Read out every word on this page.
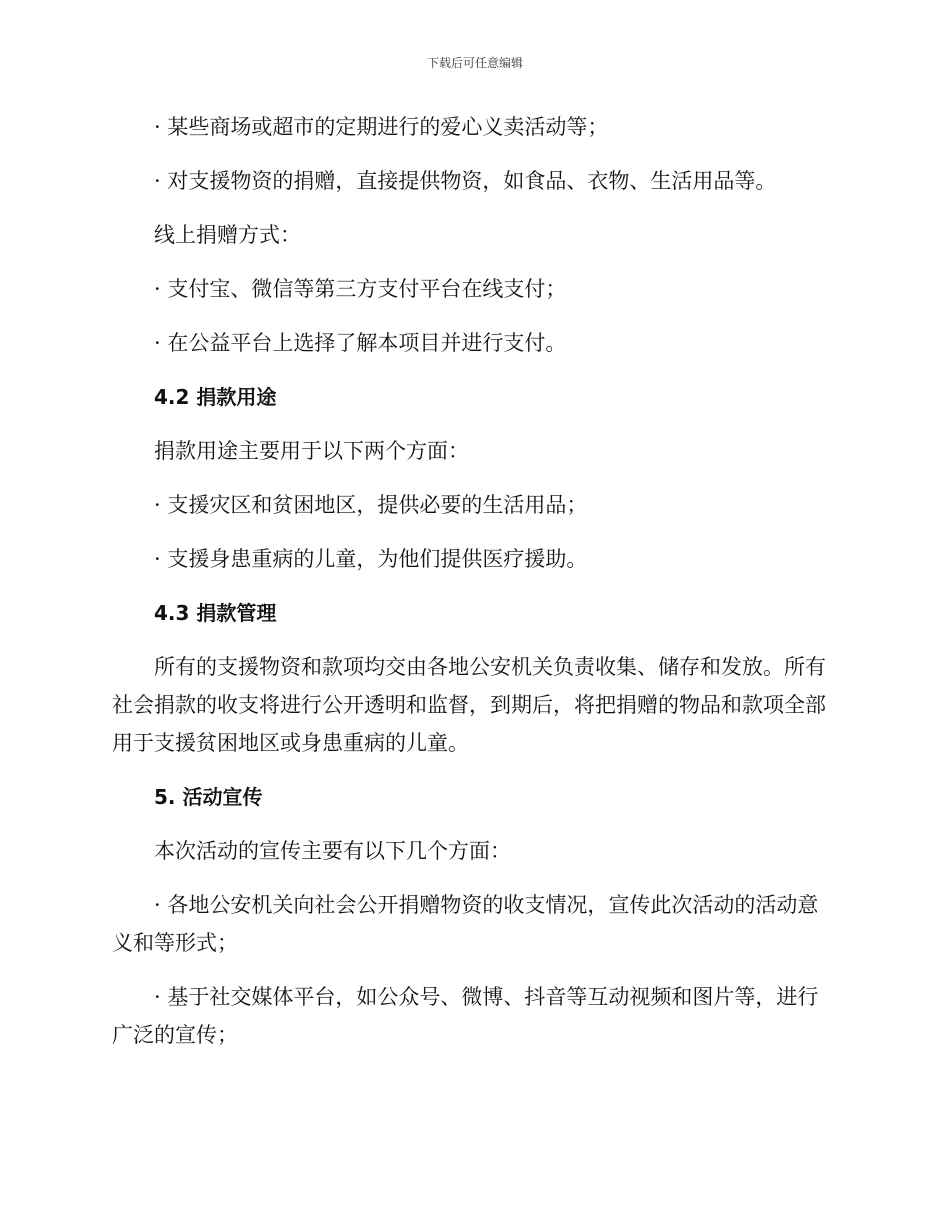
下载后可任意编辑

· 某些商场或超市的定期进行的爱心义卖活动等；

· 对支援物资的捐赠，直接提供物资，如食品、衣物、生活用品等。

线上捐赠方式：

· 支付宝、微信等第三方支付平台在线支付；

· 在公益平台上选择了解本项目并进行支付。

4.2 捐款用途

捐款用途主要用于以下两个方面：

· 支援灾区和贫困地区，提供必要的生活用品；

· 支援身患重病的儿童，为他们提供医疗援助。

4.3 捐款管理

所有的支援物资和款项均交由各地公安机关负责收集、储存和发放。所有社会捐款的收支将进行公开透明和监督，到期后，将把捐赠的物品和款项全部用于支援贫困地区或身患重病的儿童。

5. 活动宣传

本次活动的宣传主要有以下几个方面：

· 各地公安机关向社会公开捐赠物资的收支情况，宣传此次活动的活动意义和等形式；

· 基于社交媒体平台，如公众号、微博、抖音等互动视频和图片等，进行广泛的宣传；
